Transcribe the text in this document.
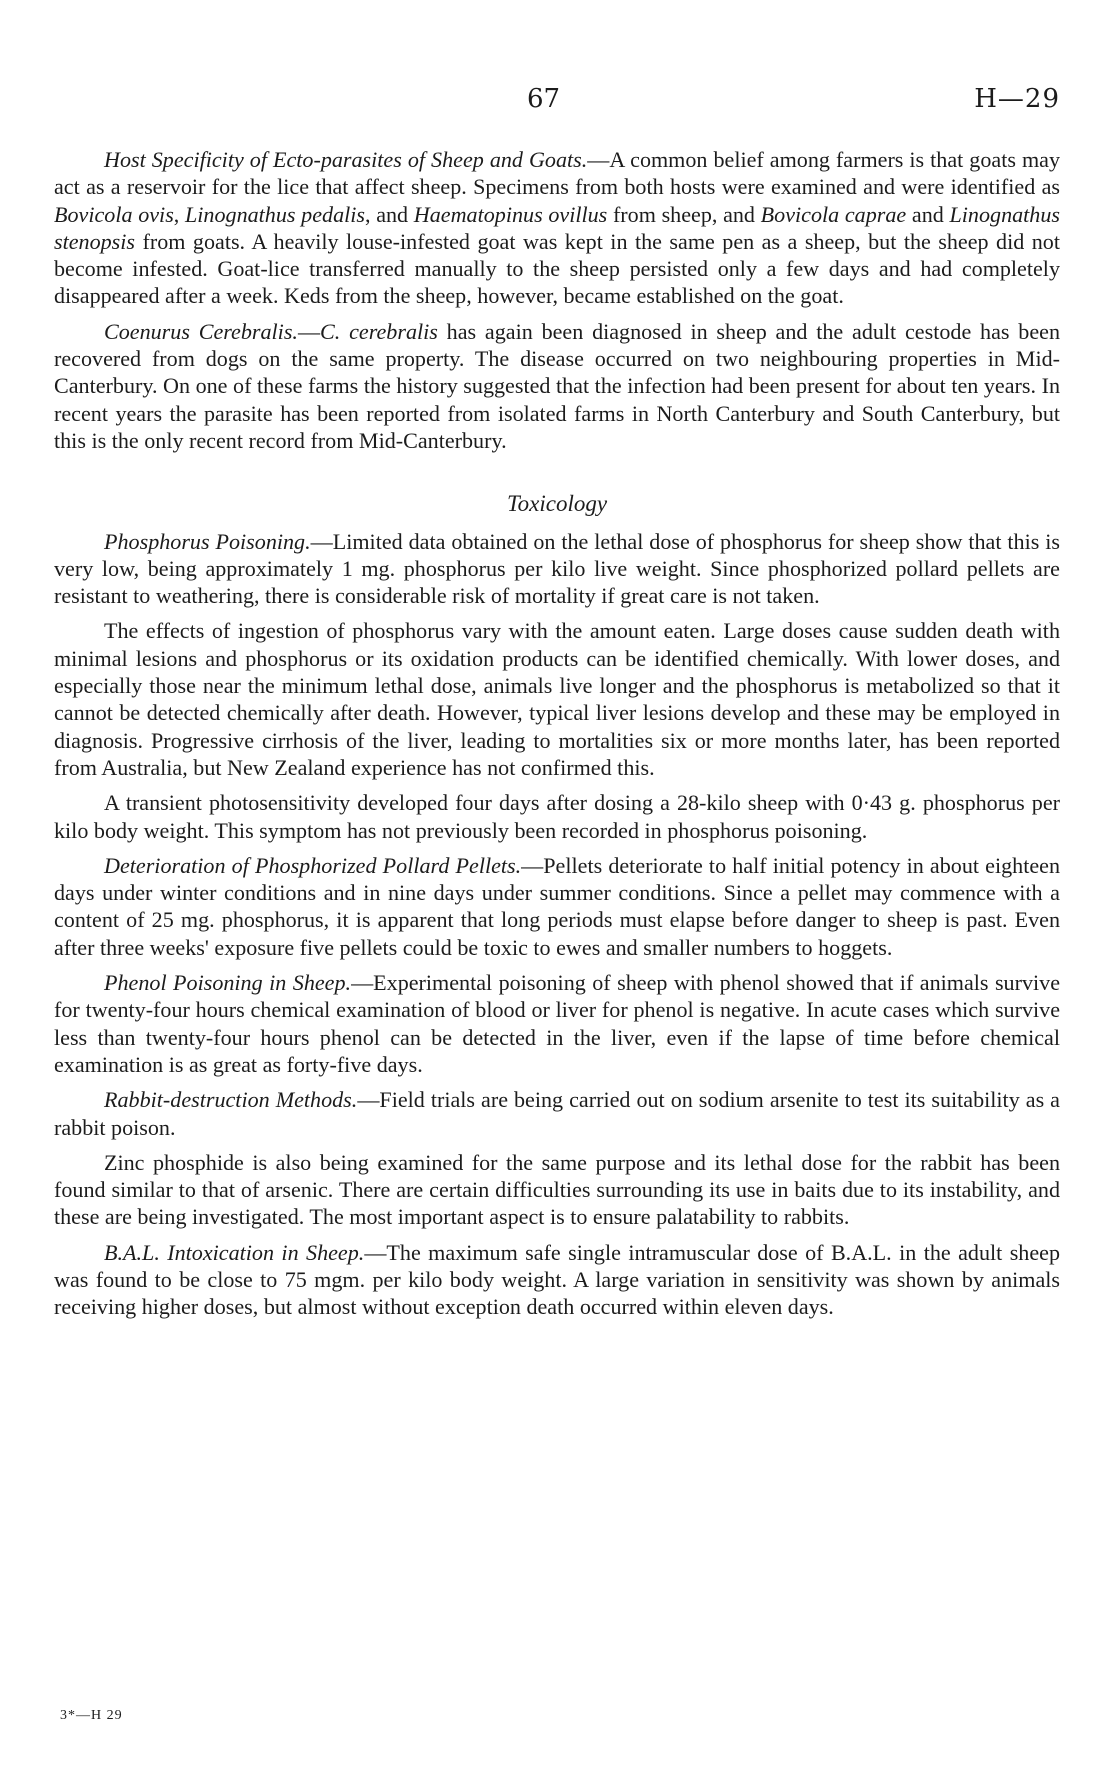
67	H—29

Host Specificity of Ecto-parasites of Sheep and Goats.—A common belief among farmers is that goats may act as a reservoir for the lice that affect sheep. Specimens from both hosts were examined and were identified as Bovicola ovis, Linognathus pedalis, and Haematopinus ovillus from sheep, and Bovicola caprae and Linognathus stenopsis from goats. A heavily louse-infested goat was kept in the same pen as a sheep, but the sheep did not become infested. Goat-lice transferred manually to the sheep persisted only a few days and had completely disappeared after a week. Keds from the sheep, however, became established on the goat.

Coenurus Cerebralis.—C. cerebralis has again been diagnosed in sheep and the adult cestode has been recovered from dogs on the same property. The disease occurred on two neighbouring properties in Mid-Canterbury. On one of these farms the history suggested that the infection had been present for about ten years. In recent years the parasite has been reported from isolated farms in North Canterbury and South Canterbury, but this is the only recent record from Mid-Canterbury.

Toxicology

Phosphorus Poisoning.—Limited data obtained on the lethal dose of phosphorus for sheep show that this is very low, being approximately 1 mg. phosphorus per kilo live weight. Since phosphorized pollard pellets are resistant to weathering, there is considerable risk of mortality if great care is not taken.

The effects of ingestion of phosphorus vary with the amount eaten. Large doses cause sudden death with minimal lesions and phosphorus or its oxidation products can be identified chemically. With lower doses, and especially those near the minimum lethal dose, animals live longer and the phosphorus is metabolized so that it cannot be detected chemically after death. However, typical liver lesions develop and these may be employed in diagnosis. Progressive cirrhosis of the liver, leading to mortalities six or more months later, has been reported from Australia, but New Zealand experience has not confirmed this.

A transient photosensitivity developed four days after dosing a 28-kilo sheep with 0·43 g. phosphorus per kilo body weight. This symptom has not previously been recorded in phosphorus poisoning.

Deterioration of Phosphorized Pollard Pellets.—Pellets deteriorate to half initial potency in about eighteen days under winter conditions and in nine days under summer conditions. Since a pellet may commence with a content of 25 mg. phosphorus, it is apparent that long periods must elapse before danger to sheep is past. Even after three weeks' exposure five pellets could be toxic to ewes and smaller numbers to hoggets.

Phenol Poisoning in Sheep.—Experimental poisoning of sheep with phenol showed that if animals survive for twenty-four hours chemical examination of blood or liver for phenol is negative. In acute cases which survive less than twenty-four hours phenol can be detected in the liver, even if the lapse of time before chemical examination is as great as forty-five days.

Rabbit-destruction Methods.—Field trials are being carried out on sodium arsenite to test its suitability as a rabbit poison.

Zinc phosphide is also being examined for the same purpose and its lethal dose for the rabbit has been found similar to that of arsenic. There are certain difficulties surrounding its use in baits due to its instability, and these are being investigated. The most important aspect is to ensure palatability to rabbits.

B.A.L. Intoxication in Sheep.—The maximum safe single intramuscular dose of B.A.L. in the adult sheep was found to be close to 75 mgm. per kilo body weight. A large variation in sensitivity was shown by animals receiving higher doses, but almost without exception death occurred within eleven days.

3*—H 29
